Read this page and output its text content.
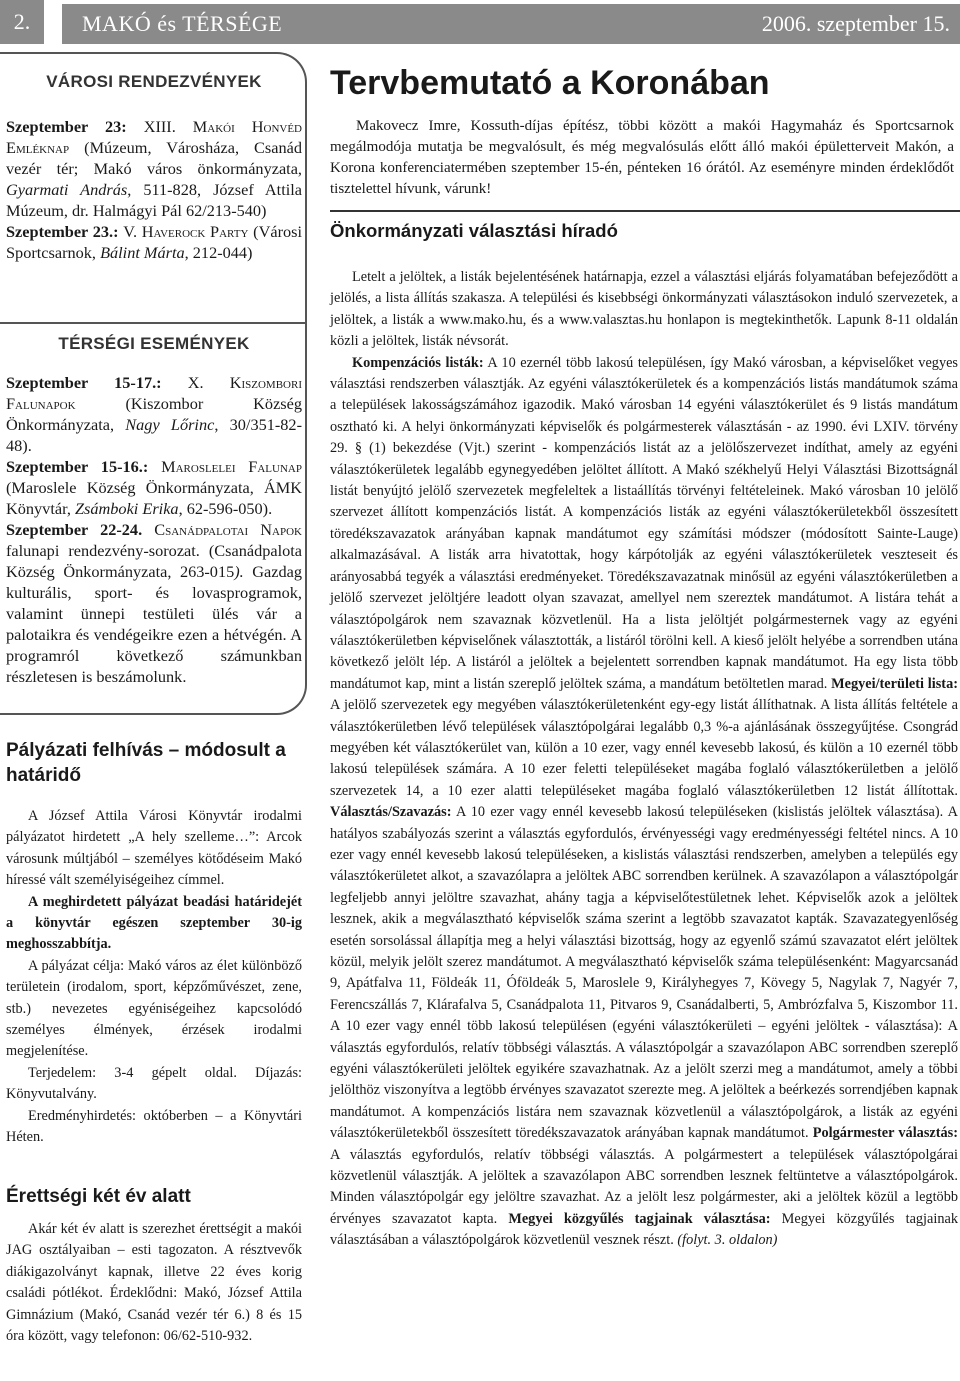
2.	MAKÓ és TÉRSÉGE	2006. szeptember 15.
VÁROSI RENDEZVÉNYEK
Szeptember 23: XIII. Makói Honvéd Emléknap (Múzeum, Városháza, Csanád vezér tér; Makó város önkormányzata, Gyarmati András, 511-828, József Attila Múzeum, dr. Halmágyi Pál 62/213-540)
Szeptember 23.: V. Haverock Party (Városi Sportcsarnok, Bálint Márta, 212-044)
TÉRSÉGI ESEMÉNYEK
Szeptember 15-17.: X. Kiszombori Falunapok	(Kiszombor Község Önkormányzata, Nagy Lőrinc, 30/351-82-48).
Szeptember 15-16.: Maroslelei Falunap (Maroslele Község Önkormányzata, ÁMK Könyvtár, Zsámboki Erika, 62-596-050).
Szeptember 22-24. Csanádpalotai Napok falunapi rendezvény-sorozat. (Csanádpalota Község Önkormányzata, 263-015). Gazdag kulturális, sport- és lovasprogramok, valamint ünnepi testületi ülés vár a palotaikra és vendégeikre ezen a hétvégén. A programról következő számunkban részletesen is beszámolunk.
Pályázati felhívás – módosult a határidő

A József Attila Városi Könyvtár irodalmi pályázatot hirdetett „A hely szelleme…”: Arcok városunk múltjából – személyes kötődéseim Makó híressé vált személyiségeihez címmel.

A meghirdetett pályázat beadási határidejét a könyvtár egészen szeptember 30-ig meghosszabbítja.

A pályázat célja: Makó város az élet különböző területein (irodalom, sport, képzőművészet, zene, stb.) nevezetes egyéniségeihez kapcsolódó személyes élmények, érzések irodalmi megjelenítése.

Terjedelem: 3-4 gépelt oldal. Díjazás: Könyvutalvány.

Eredményhirdetés: októberben – a Könyvtári Héten.

Érettségi két év alatt

Akár két év alatt is szerezhet érettségit a makói JAG osztályaiban – esti tagozaton. A résztvevők diákigazolványt kapnak, illetve 22 éves korig családi pótlékot. Érdeklődni: Makó, József Attila Gimnázium (Makó, Csanád vezér tér 6.) 8 és 15 óra között, vagy telefonon: 06/62-510-932.

Tervbemutató a Koronában
Makovecz Imre, Kossuth-díjas építész, többi között a makói Hagymaház és Sportcsarnok megálmodója mutatja be megvalósult, és még megvalósulás előtt álló makói épületterveit Makón, a Korona konferenciatermében szeptember 15-én, pénteken 16 órától. Az eseményre minden érdeklődőt tisztelettel hívunk, várunk!
Önkormányzati választási híradó

Letelt a jelöltek, a listák bejelentésének határnapja, ezzel a választási eljárás folyamatában befejeződött a jelölés, a lista állítás szakasza. A települési és kisebbségi önkormányzati választásokon induló szervezetek, a jelöltek, a listák a www.mako.hu, és a www.valasztas.hu honlapon is megtekinthetők. Lapunk 8-11 oldalán közli a jelöltek, listák névsorát.

Kompenzációs listák: A 10 ezernél több lakosú településen, így Makó városban, a képviselőket vegyes választási rendszerben választják. Az egyéni választókerületek és a kompenzációs listás mandátumok száma a települések lakosságszámához igazodik. Makó városban 14 egyéni választókerület és 9 listás mandátum osztható ki. A helyi önkormányzati képviselők és polgármesterek választásán - az 1990. évi LXIV. törvény 29. § (1) bekezdése (Vjt.) szerint - kompenzációs listát az a jelölőszervezet indíthat, amely az egyéni választókerületek legalább egynegyedében jelöltet állított. A Makó székhelyű Helyi Választási Bizottságnál listát benyújtó jelölő szervezetek megfeleltek a listaállítás törvényi feltételeinek. Makó városban 10 jelölő szervezet állított kompenzációs listát. A kompenzációs listák az egyéni választókerületekből összesített töredékszavazatok arányában kapnak mandátumot egy számítási módszer (módosított Sainte-Lauge) alkalmazásával. A listák arra hivatottak, hogy kárpótolják az egyéni választókerületek veszteseit és arányosabbá tegyék a választási eredményeket. Töredékszavazatnak minősül az egyéni választókerületben a jelölő szervezet jelöltjére leadott olyan szavazat, amellyel nem szereztek mandátumot. A listára tehát a választópolgárok nem szavaznak közvetlenül. Ha a lista jelöltjét polgármesternek vagy az egyéni választókerületben képviselőnek választották, a listáról törölni kell. A kieső jelölt helyébe a sorrendben utána következő jelölt lép. A listáról a jelöltek a bejelentett sorrendben kapnak mandátumot. Ha egy lista több mandátumot kap, mint a listán szereplő jelöltek száma, a mandátum betöltetlen marad. Megyei/területi lista: A jelölő szervezetek egy megyében választókerületenként egy-egy listát állíthatnak. A lista állítás feltétele a választókerületben lévő települések választópolgárai legalább 0,3 %-a ajánlásának összegyűjtése. Csongrád megyében két választókerület van, külön a 10 ezer, vagy ennél kevesebb lakosú, és külön a 10 ezernél több lakosú települések számára. A 10 ezer feletti településeket magába foglaló választókerületben a jelölő szervezetek 14, a 10 ezer alatti településeket magába foglaló választókerületben 12 listát állítottak. Választás/Szavazás: A 10 ezer vagy ennél kevesebb lakosú településeken (kislistás jelöltek választása). A hatályos szabályozás szerint a választás egyfordulós, érvényességi vagy eredményességi feltétel nincs. A 10 ezer vagy ennél kevesebb lakosú településeken, a kislistás választási rendszerben, amelyben a település egy választókerületet alkot, a szavazólapra a jelöltek ABC sorrendben kerülnek. A szavazólapon a választópolgár legfeljebb annyi jelöltre szavazhat, ahány tagja a képviselőtestületnek lehet. Képviselők azok a jelöltek lesznek, akik a megválasztható képviselők száma szerint a legtöbb szavazatot kapták. Szavazategyenlőség esetén sorsolással állapítja meg a helyi választási bizottság, hogy az egyenlő számú szavazatot elért jelöltek közül, melyik jelölt szerez mandátumot. A megválasztható képviselők száma településenként: Magyarcsanád 9, Apátfalva 11, Földeák 11, Óföldeák 5, Maroslele 9, Királyhegyes 7, Kövegy 5, Nagylak 7, Nagyér 7, Ferencszállás 7, Klárafalva 5, Csanádpalota 11, Pitvaros 9, Csanádalberti, 5, Ambrózfalva 5, Kiszombor 11. A 10 ezer vagy ennél több lakosú településen (egyéni választókerületi – egyéni jelöltek - választása): A választás egyfordulós, relatív többségi választás. A választópolgár a szavazólapon ABC sorrendben szereplő egyéni választókerületi jelöltek egyikére szavazhatnak. Az a jelölt szerzi meg a mandátumot, amely a többi jelölthöz viszonyítva a legtöbb érvényes szavazatot szerezte meg. A jelöltek a beérkezés sorrendjében kapnak mandátumot. A kompenzációs listára nem szavaznak közvetlenül a választópolgárok, a listák az egyéni választókerületekből összesített töredékszavazatok arányában kapnak mandátumot. Polgármester választás: A választás egyfordulós, relatív többségi választás. A polgármestert a települések választópolgárai közvetlenül választják. A jelöltek a szavazólapon ABC sorrendben lesznek feltüntetve a választópolgárok. Minden választópolgár egy jelöltre szavazhat. Az a jelölt lesz polgármester, aki a jelöltek közül a legtöbb érvényes szavazatot kapta. Megyei közgyűlés tagjainak választása: Megyei közgyűlés tagjainak választásában a választópolgárok közvetlenül vesznek részt. (folyt. 3. oldalon)
